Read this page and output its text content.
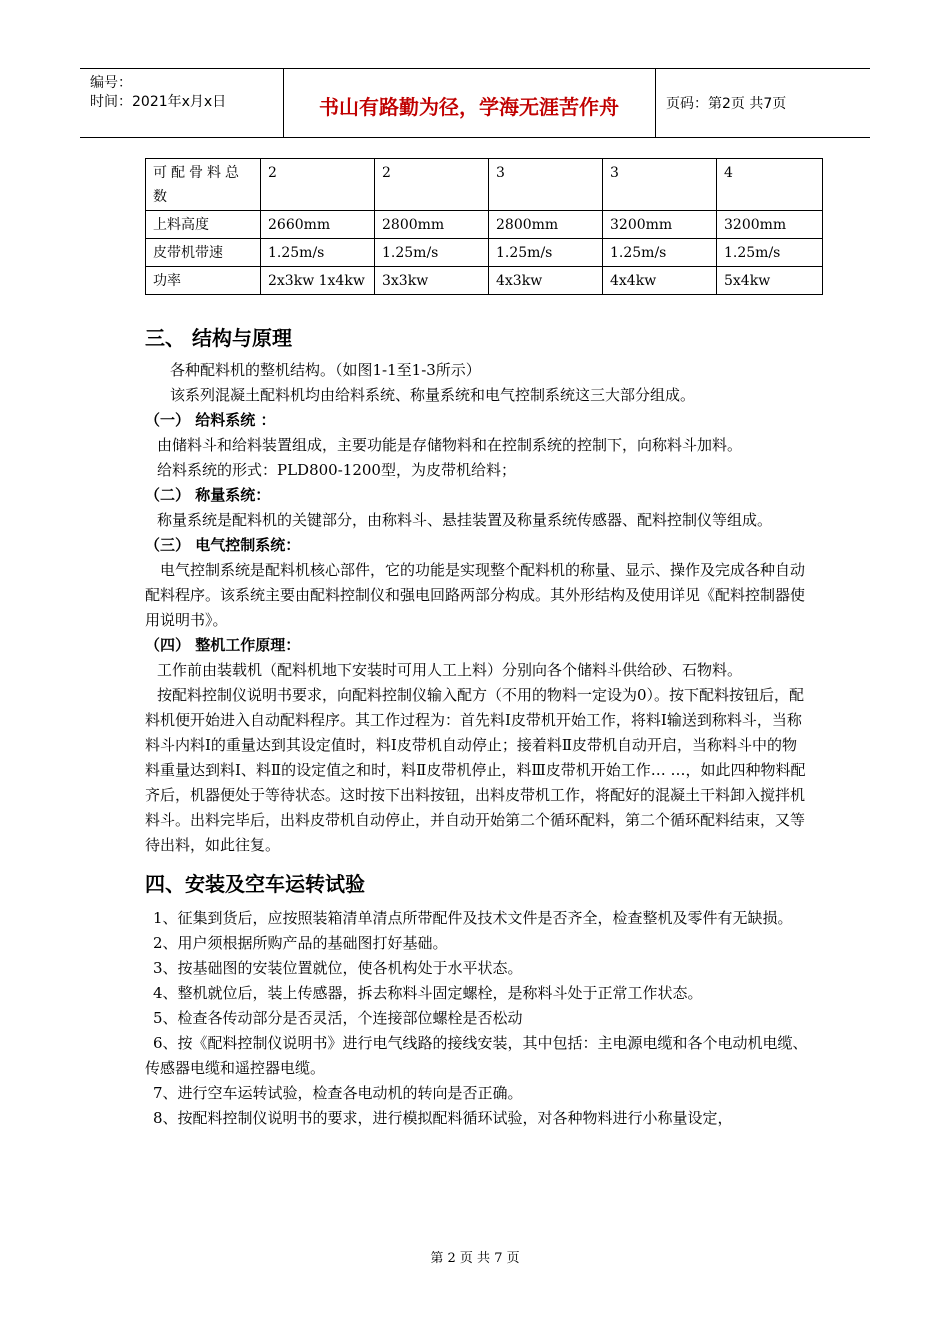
编号：
时间：2021年x月x日	书山有路勤为径，学海无涯苦作舟	页码：第2页 共7页
可配骨料总数	2	2	3	3	4
上料高度	2660mm	2800mm	2800mm	3200mm	3200mm
皮带机带速	1.25m/s	1.25m/s	1.25m/s	1.25m/s	1.25m/s
功率	2x3kw 1x4kw	3x3kw	4x3kw	4x4kw	5x4kw
三、 结构与原理

各种配料机的整机结构。（如图1-1至1-3所示）

该系列混凝土配料机均由给料系统、称量系统和电气控制系统这三大部分组成。

（一） 给料系统 ：

由储料斗和给料装置组成，主要功能是存储物料和在控制系统的控制下，向称料斗加料。

给料系统的形式：PLD800-1200型，为皮带机给料；

（二） 称量系统：

称量系统是配料机的关键部分，由称料斗、悬挂装置及称量系统传感器、配料控制仪等组成。

（三） 电气控制系统：

电气控制系统是配料机核心部件，它的功能是实现整个配料机的称量、显示、操作及完成各种自动配料程序。该系统主要由配料控制仪和强电回路两部分构成。其外形结构及使用详见《配料控制器使用说明书》。

（四） 整机工作原理：

工作前由装载机（配料机地下安装时可用人工上料）分别向各个储料斗供给砂、石物料。

按配料控制仪说明书要求，向配料控制仪输入配方（不用的物料一定设为0）。按下配料按钮后，配料机便开始进入自动配料程序。其工作过程为：首先料Ⅰ皮带机开始工作，将料Ⅰ输送到称料斗，当称料斗内料Ⅰ的重量达到其设定值时，料Ⅰ皮带机自动停止；接着料Ⅱ皮带机自动开启，当称料斗中的物料重量达到料Ⅰ、料Ⅱ的设定值之和时，料Ⅱ皮带机停止，料Ⅲ皮带机开始工作… …，如此四种物料配齐后，机器便处于等待状态。这时按下出料按钮，出料皮带机工作，将配好的混凝土干料卸入搅拌机料斗。出料完毕后，出料皮带机自动停止，并自动开始第二个循环配料，第二个循环配料结束，又等待出料，如此往复。

四、安装及空车运转试验

1、征集到货后，应按照装箱清单清点所带配件及技术文件是否齐全，检查整机及零件有无缺损。

2、用户须根据所购产品的基础图打好基础。

3、按基础图的安装位置就位，使各机构处于水平状态。

4、整机就位后，装上传感器，拆去称料斗固定螺栓，是称料斗处于正常工作状态。

5、检查各传动部分是否灵活，个连接部位螺栓是否松动

6、按《配料控制仪说明书》进行电气线路的接线安装，其中包括：主电源电缆和各个电动机电缆、传感器电缆和遥控器电缆。

7、进行空车运转试验，检查各电动机的转向是否正确。

8、按配料控制仪说明书的要求，进行模拟配料循环试验，对各种物料进行小称量设定，

第 2 页 共 7 页
